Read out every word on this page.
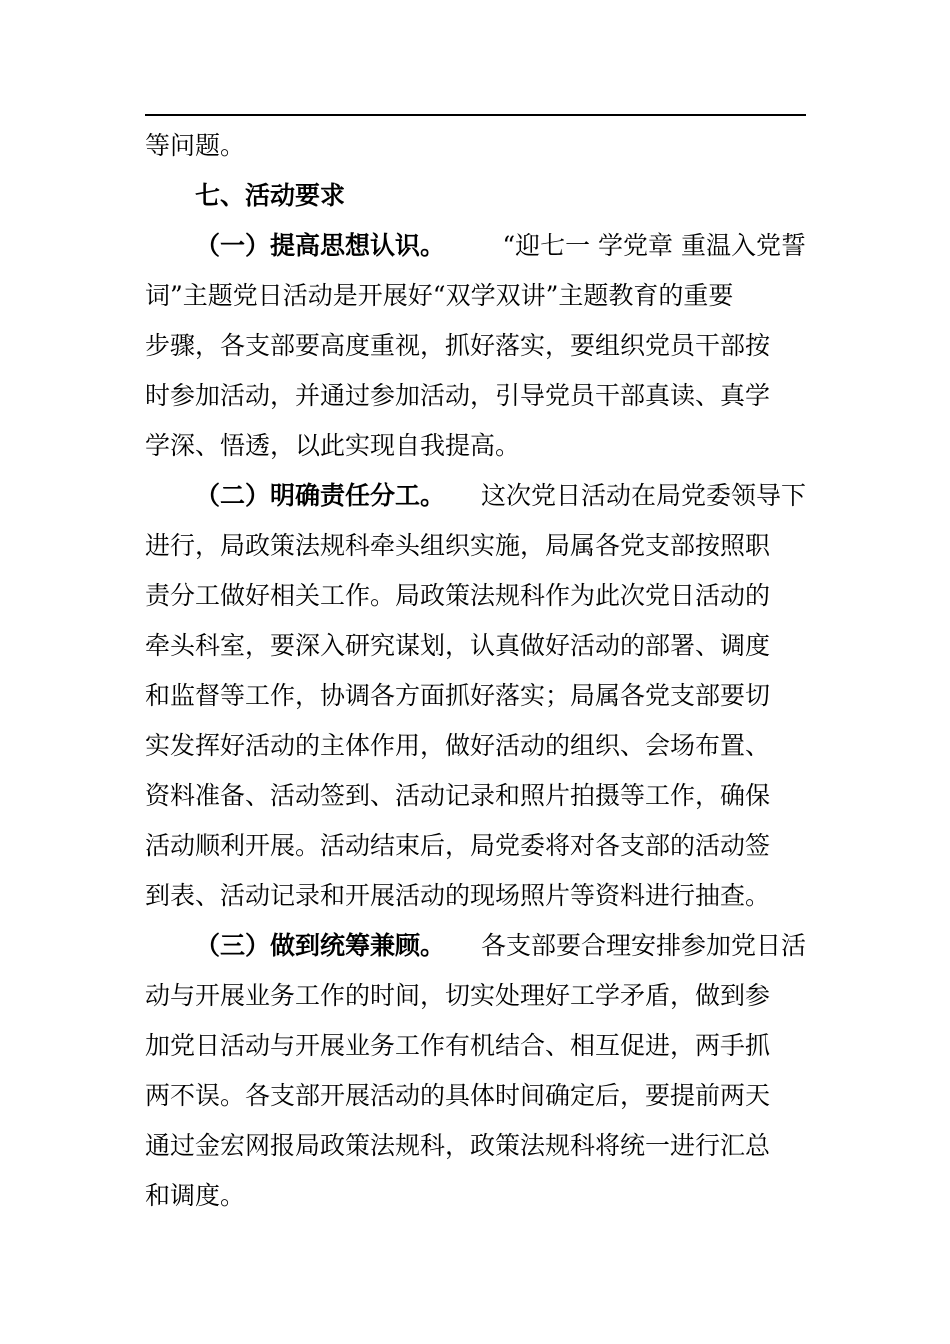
等问题。
七、活动要求
（一）提高思想认识。 “迎七一 学党章 重温入党誓
词”主题党日活动是开展好“双学双讲”主题教育的重要
步骤，各支部要高度重视，抓好落实，要组织党员干部按
时参加活动，并通过参加活动，引导党员干部真读、真学
学深、悟透，以此实现自我提高。
（二）明确责任分工。 这次党日活动在局党委领导下
进行，局政策法规科牵头组织实施，局属各党支部按照职
责分工做好相关工作。局政策法规科作为此次党日活动的
牵头科室，要深入研究谋划，认真做好活动的部署、调度
和监督等工作，协调各方面抓好落实；局属各党支部要切
实发挥好活动的主体作用，做好活动的组织、会场布置、
资料准备、活动签到、活动记录和照片拍摄等工作，确保
活动顺利开展。活动结束后，局党委将对各支部的活动签
到表、活动记录和开展活动的现场照片等资料进行抽查。
（三）做到统筹兼顾。 各支部要合理安排参加党日活
动与开展业务工作的时间，切实处理好工学矛盾，做到参
加党日活动与开展业务工作有机结合、相互促进，两手抓
两不误。各支部开展活动的具体时间确定后，要提前两天
通过金宏网报局政策法规科，政策法规科将统一进行汇总
和调度。
